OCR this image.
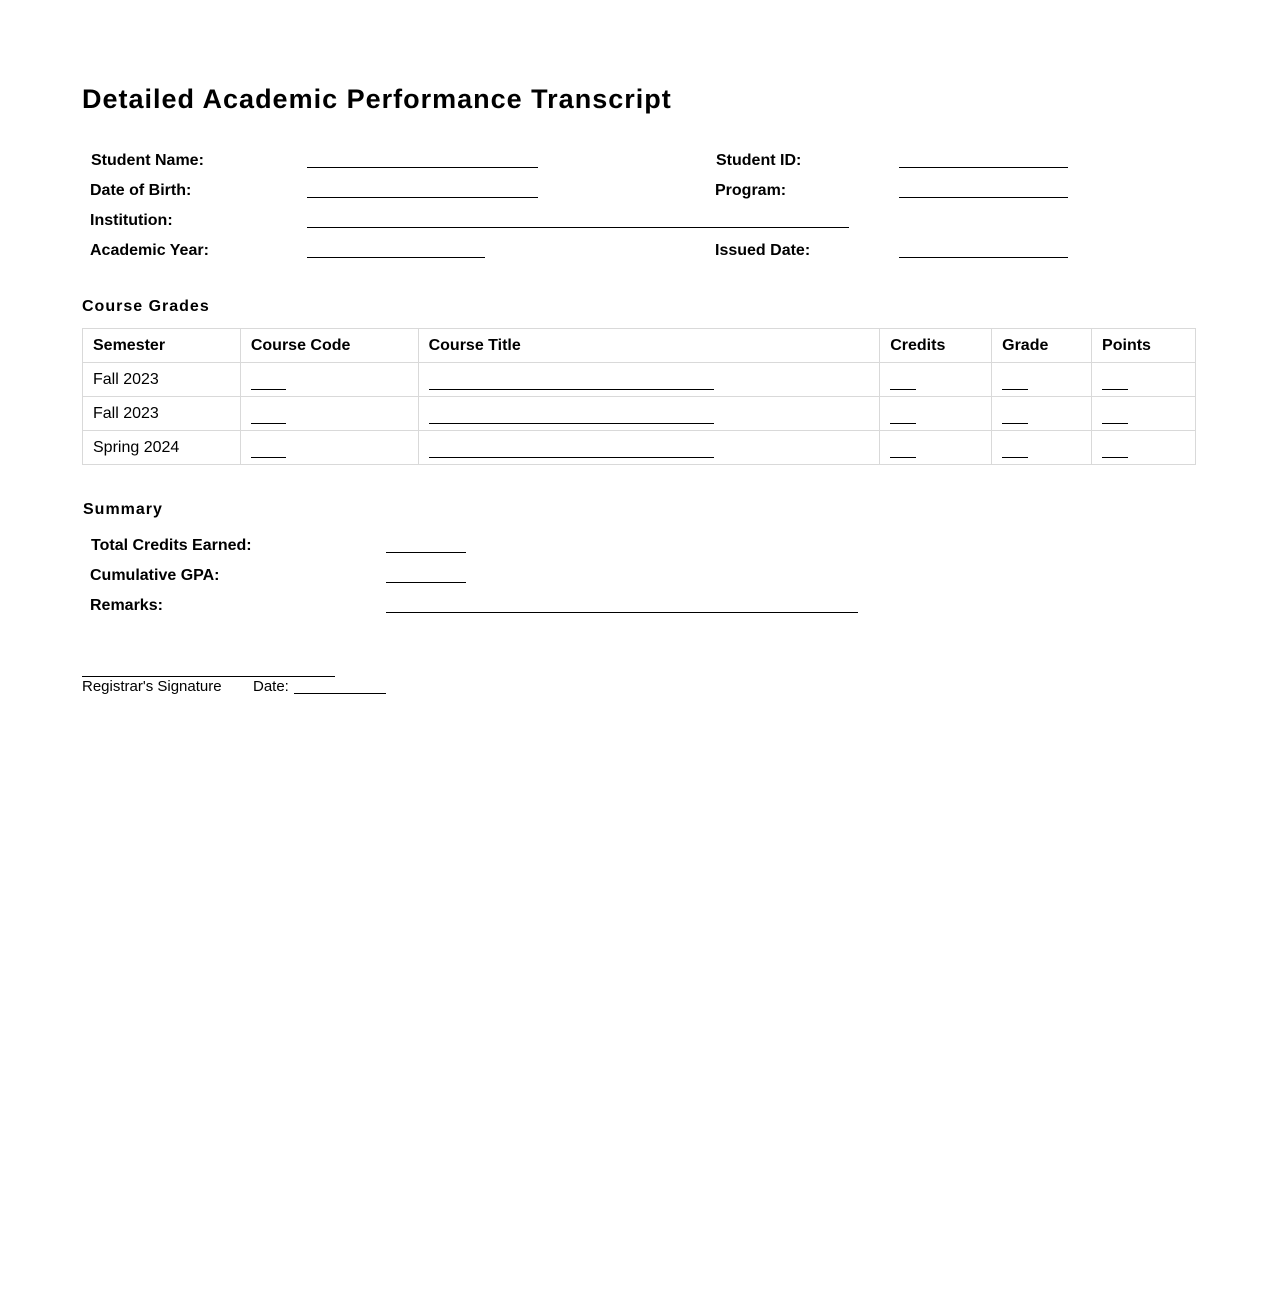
Detailed Academic Performance Transcript
Student Name:
Date of Birth:
Institution:
Academic Year:
Student ID:
Program:
Issued Date:
Course Grades
Semester	Course Code	Course Title	Credits	Grade	Points
Fall 2023					
Fall 2023					
Spring 2024					
Summary
Total Credits Earned:
Cumulative GPA:
Remarks:
Registrar's Signature Date:
